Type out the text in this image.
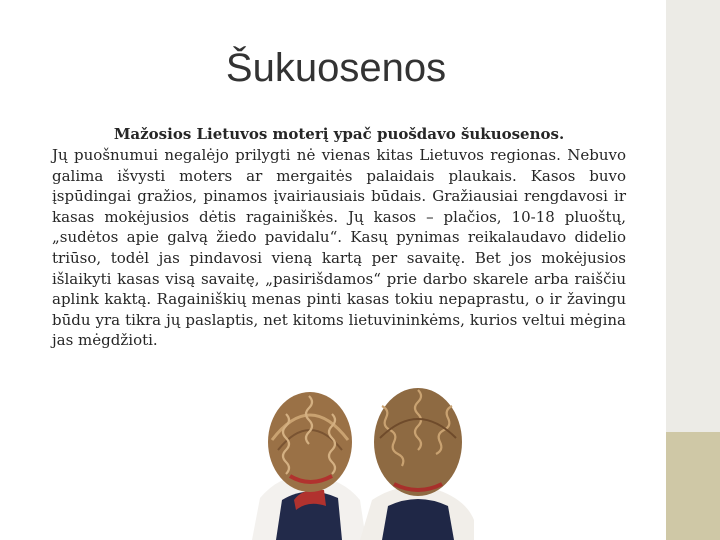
Šukuosenos

Mažosios Lietuvos moterį ypač puošdavo šukuosenos.

Jų puošnumui negalėjo prilygti nė vienas kitas Lietuvos regionas. Nebuvo galima išvysti moters ar mergaitės palaidais plaukais. Kasos buvo įspūdingai gražios, pinamos įvairiausiais būdais. Gražiausiai rengdavosi ir kasas mokėjusios dėtis ragainiškės. Jų kasos – plačios, 10-18 pluoštų, „sudėtos apie galvą žiedo pavidalu“. Kasų pynimas reikalaudavo didelio triūso, todėl jas pindavosi vieną kartą per savaitę. Bet jos mokėjusios išlaikyti kasas visą savaitę, „pasirišdamos“ prie darbo skarele arba raiščiu aplink kaktą. Ragainiškių menas pinti kasas tokiu nepaprastu, o ir žavingu būdu yra tikra jų paslaptis, net kitoms lietuvininkėms, kurios veltui mėgina jas mėgdžioti.
